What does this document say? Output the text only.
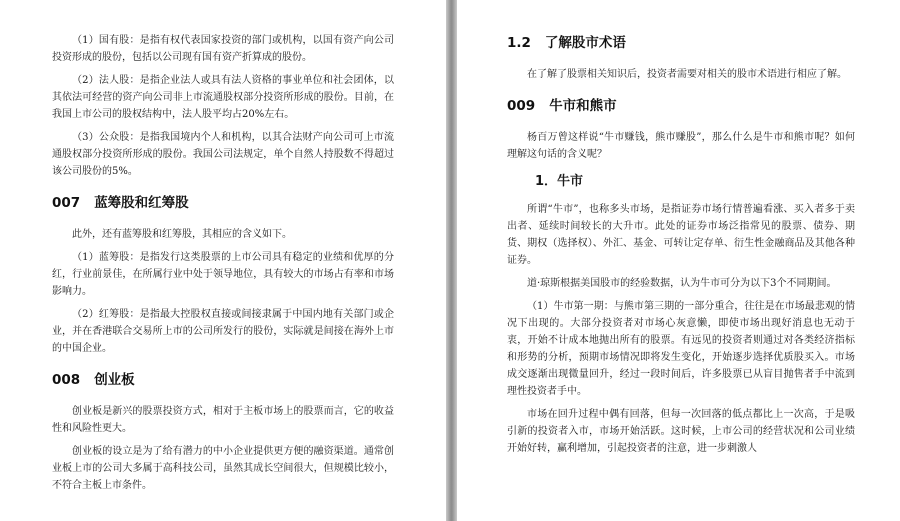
（1）国有股：是指有权代表国家投资的部门或机构，以国有资产向公司投资形成的股份，包括以公司现有国有资产折算成的股份。

（2）法人股：是指企业法人或具有法人资格的事业单位和社会团体，以其依法可经营的资产向公司非上市流通股权部分投资所形成的股份。目前，在我国上市公司的股权结构中，法人股平均占20%左右。

（3）公众股：是指我国境内个人和机构，以其合法财产向公司可上市流通股权部分投资所形成的股份。我国公司法规定，单个自然人持股数不得超过该公司股份的5%。

007 蓝筹股和红筹股

此外，还有蓝筹股和红筹股，其相应的含义如下。

（1）蓝筹股：是指发行这类股票的上市公司具有稳定的业绩和优厚的分红，行业前景佳，在所属行业中处于领导地位，具有较大的市场占有率和市场影响力。

（2）红筹股：是指最大控股权直接或间接隶属于中国内地有关部门或企业，并在香港联合交易所上市的公司所发行的股份，实际就是间接在海外上市的中国企业。

008 创业板

创业板是新兴的股票投资方式，相对于主板市场上的股票而言，它的收益性和风险性更大。

创业板的设立是为了给有潜力的中小企业提供更方便的融资渠道。通常创业板上市的公司大多属于高科技公司，虽然其成长空间很大，但规模比较小，不符合主板上市条件。

1.2 了解股市术语

在了解了股票相关知识后，投资者需要对相关的股市术语进行相应了解。

009 牛市和熊市

杨百万曾这样说“牛市赚钱，熊市赚股”，那么什么是牛市和熊市呢？如何理解这句话的含义呢？

1．牛市

所谓“牛市”，也称多头市场，是指证券市场行情普遍看涨、买入者多于卖出者、延续时间较长的大升市。此处的证券市场泛指常见的股票、债券、期货、期权（选择权）、外汇、基金、可转让定存单、衍生性金融商品及其他各种证券。

道·琼斯根据美国股市的经验数据，认为牛市可分为以下3个不同期间。

（1）牛市第一期：与熊市第三期的一部分重合，往往是在市场最悲观的情况下出现的。大部分投资者对市场心灰意懒，即使市场出现好消息也无动于衷，开始不计成本地抛出所有的股票。有远见的投资者则通过对各类经济指标和形势的分析，预期市场情况即将发生变化，开始逐步选择优质股买入。市场成交逐渐出现微量回升，经过一段时间后，许多股票已从盲目抛售者手中流到理性投资者手中。

市场在回升过程中偶有回落，但每一次回落的低点都比上一次高，于是吸引新的投资者入市，市场开始活跃。这时候，上市公司的经营状况和公司业绩开始好转，赢利增加，引起投资者的注意，进一步刺激人
